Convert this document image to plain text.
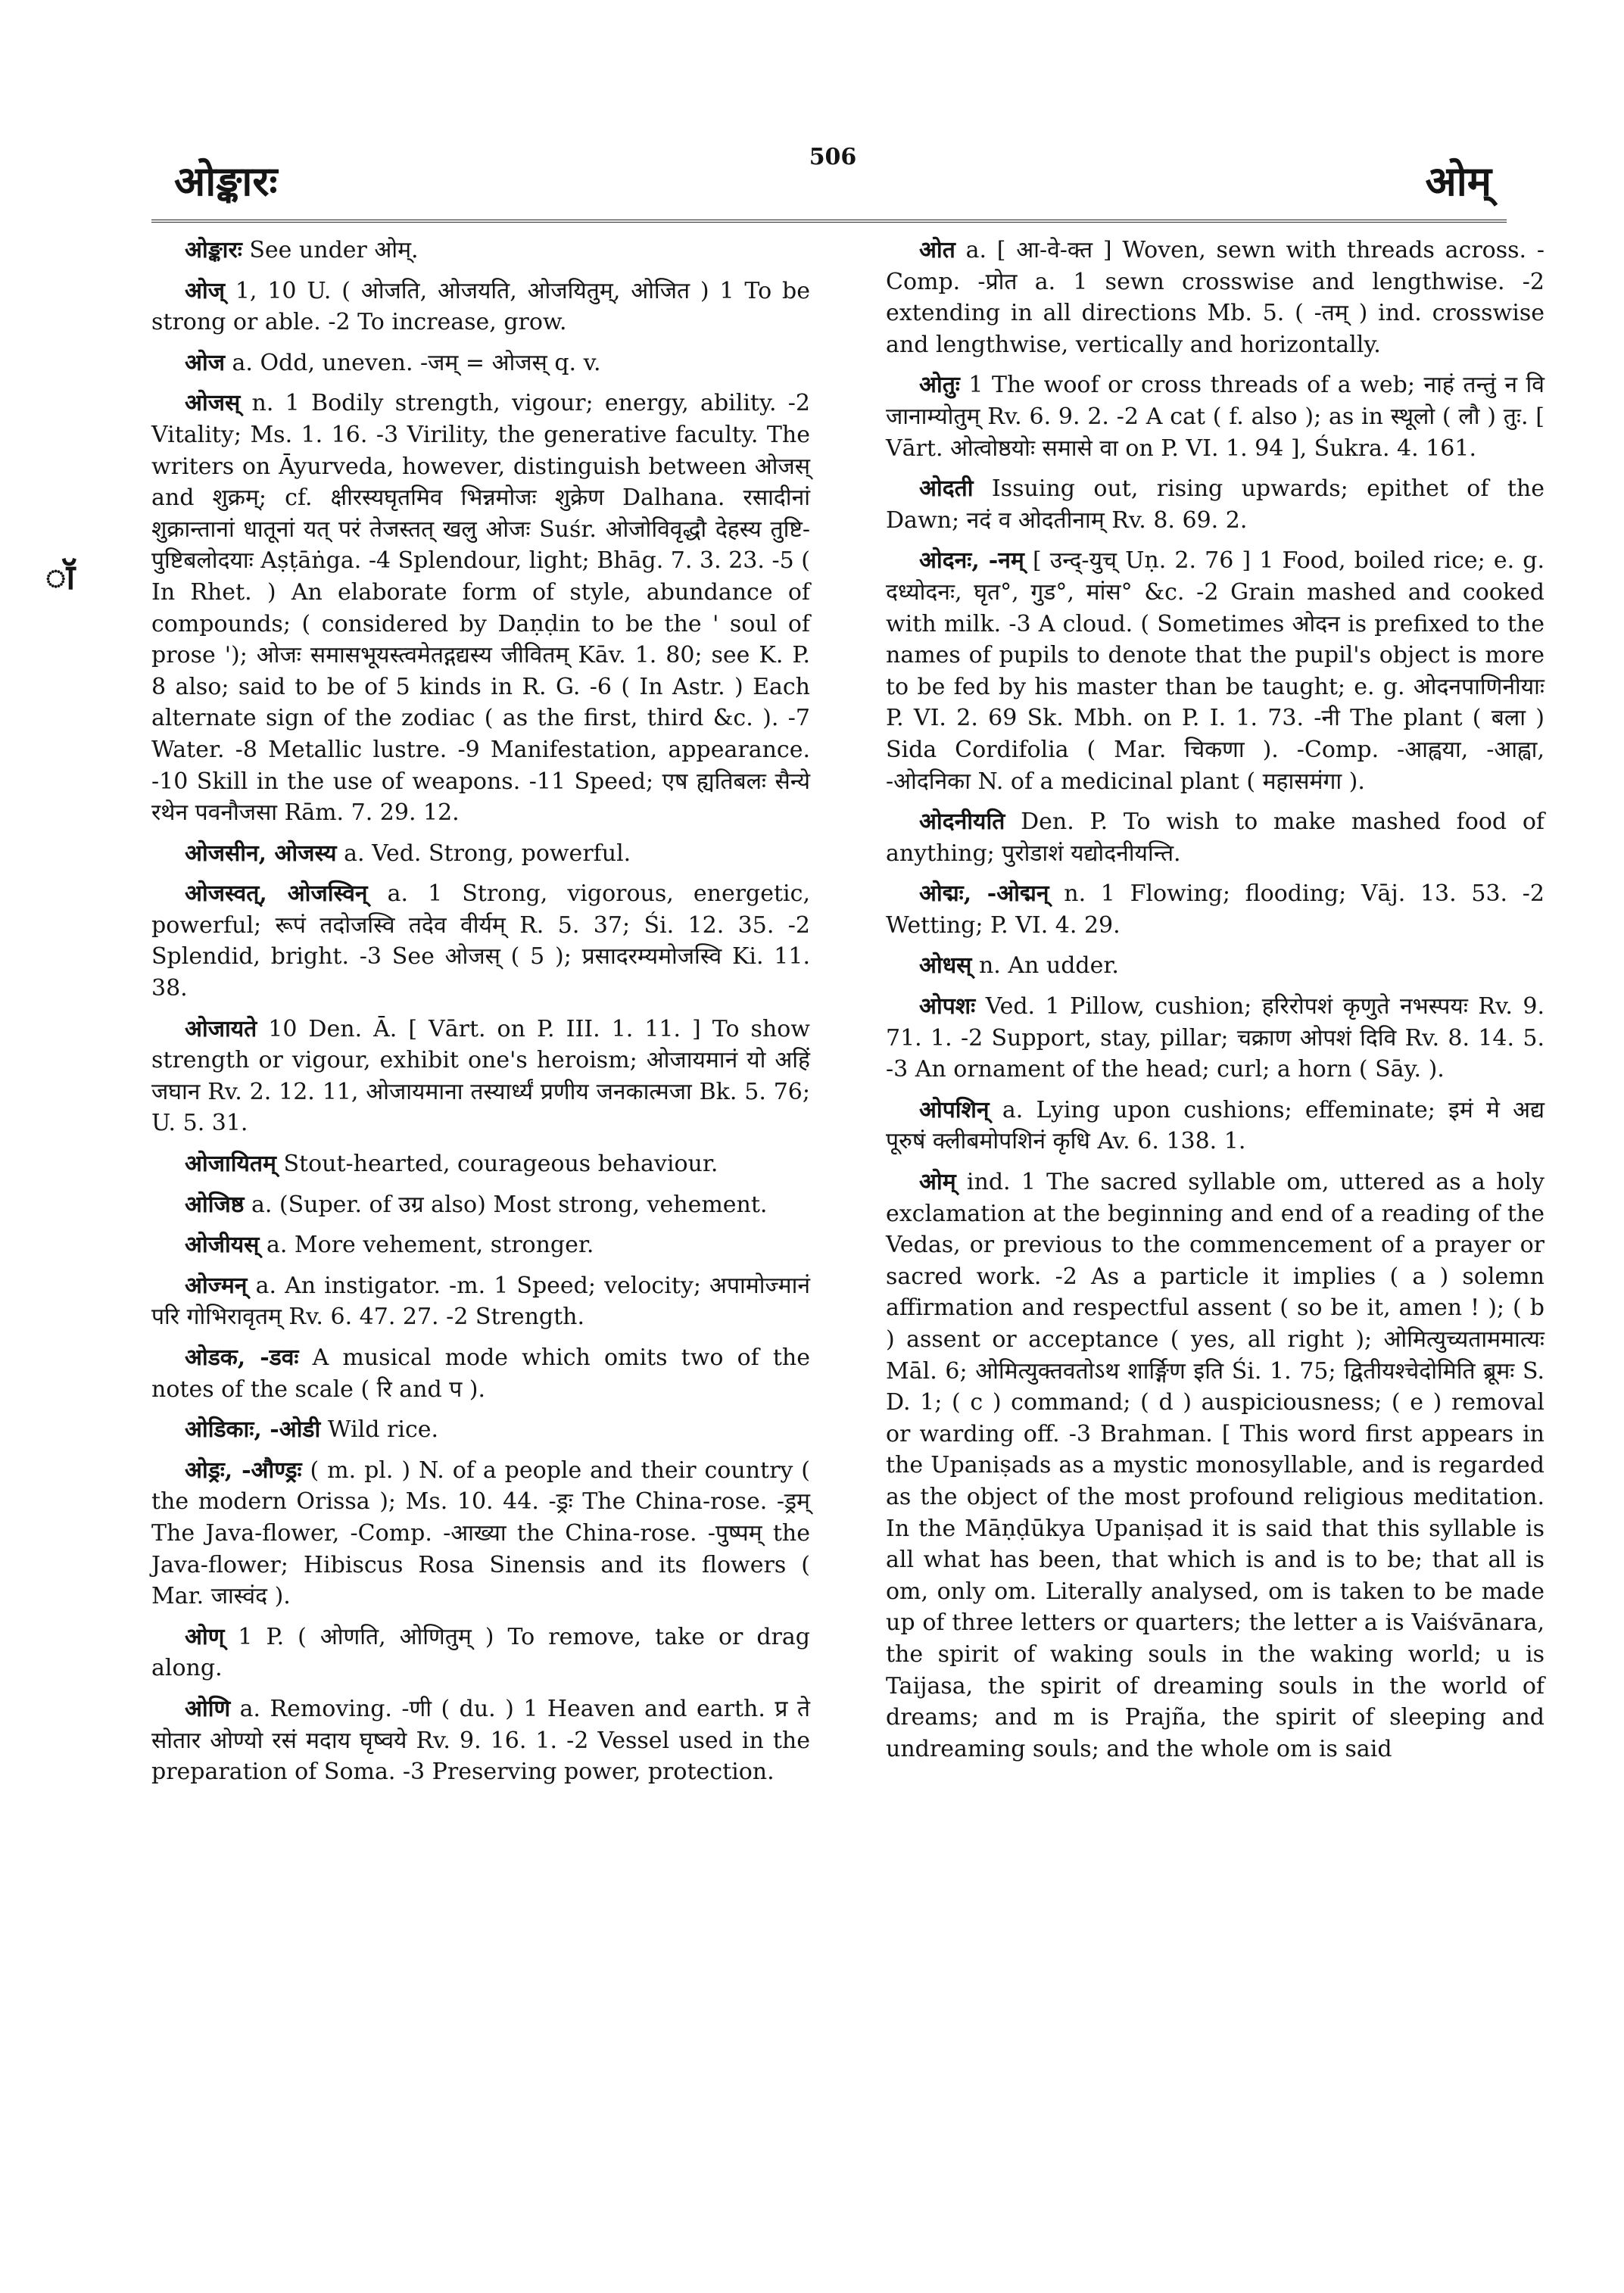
ओङ्कारः	506	ओम्
ॉ

ओङ्कारः See under ओम्.

ओज् 1, 10 U. ( ओजति, ओजयति, ओजयितुम्, ओजित ) 1 To be strong or able. -2 To increase, grow.

ओज a. Odd, uneven. -जम् = ओजस् q. v.

ओजस् n. 1 Bodily strength, vigour; energy, ability. -2 Vitality; Ms. 1. 16. -3 Virility, the generative faculty. The writers on Āyurveda, however, distinguish between ओजस् and शुक्रम्; cf. क्षीरस्यघृतमिव भिन्नमोजः शुक्रेण Dalhana. रसादीनां शुक्रान्तानां धातूनां यत् परं तेजस्तत् खलु ओजः Suśr. ओजोविवृद्धौ देहस्य तुष्टि-पुष्टिबलोदयाः Aṣṭāṅga. -4 Splendour, light; Bhāg. 7. 3. 23. -5 ( In Rhet. ) An elaborate form of style, abundance of compounds; ( considered by Daṇḍin to be the ' soul of prose '); ओजः समासभूयस्त्वमेतद्गद्यस्य जीवितम् Kāv. 1. 80; see K. P. 8 also; said to be of 5 kinds in R. G. -6 ( In Astr. ) Each alternate sign of the zodiac ( as the first, third &c. ). -7 Water. -8 Metallic lustre. -9 Manifestation, appearance. -10 Skill in the use of weapons. -11 Speed; एष ह्यतिबलः सैन्ये रथेन पवनौजसा Rām. 7. 29. 12.

ओजसीन, ओजस्य a. Ved. Strong, powerful.

ओजस्वत्, ओजस्विन् a. 1 Strong, vigorous, energetic, powerful; रूपं तदोजस्वि तदेव वीर्यम् R. 5. 37; Śi. 12. 35. -2 Splendid, bright. -3 See ओजस् ( 5 ); प्रसादरम्यमोजस्वि Ki. 11. 38.

ओजायते 10 Den. Ā. [ Vārt. on P. III. 1. 11. ] To show strength or vigour, exhibit one's heroism; ओजायमानं यो अहिं जघान Rv. 2. 12. 11, ओजायमाना तस्यार्ध्यं प्रणीय जनकात्मजा Bk. 5. 76; U. 5. 31.

ओजायितम् Stout-hearted, courageous behaviour.

ओजिष्ठ a. (Super. of उग्र also) Most strong, vehement.

ओजीयस् a. More vehement, stronger.

ओज्मन् a. An instigator. -m. 1 Speed; velocity; अपामोज्मानं परि गोभिरावृतम् Rv. 6. 47. 27. -2 Strength.

ओडक, -डवः A musical mode which omits two of the notes of the scale ( रि and प ).

ओडिकाः, -ओडी Wild rice.

ओड्रः, -औण्ड्रः ( m. pl. ) N. of a people and their country ( the modern Orissa ); Ms. 10. 44. -ड्रः The China-rose. -ड्रम् The Java-flower, -Comp. -आख्या the China-rose. -पुष्पम् the Java-flower; Hibiscus Rosa Sinensis and its flowers ( Mar. जास्वंद ).

ओण् 1 P. ( ओणति, ओणितुम् ) To remove, take or drag along.

ओणि a. Removing. -णी ( du. ) 1 Heaven and earth. प्र ते सोतार ओण्यो रसं मदाय घृष्वये Rv. 9. 16. 1. -2 Vessel used in the preparation of Soma. -3 Preserving power, protection.

ओत a. [ आ-वे-क्त ] Woven, sewn with threads across. -Comp. -प्रोत a. 1 sewn crosswise and lengthwise. -2 extending in all directions Mb. 5. ( -तम् ) ind. crosswise and lengthwise, vertically and horizontally.

ओतुः 1 The woof or cross threads of a web; नाहं तन्तुं न वि जानाम्योतुम् Rv. 6. 9. 2. -2 A cat ( f. also ); as in स्थूलो ( लौ ) तुः. [ Vārt. ओत्वोष्ठयोः समासे वा on P. VI. 1. 94 ], Śukra. 4. 161.

ओदती Issuing out, rising upwards; epithet of the Dawn; नदं व ओदतीनाम् Rv. 8. 69. 2.

ओदनः, -नम् [ उन्द्-युच् Uṇ. 2. 76 ] 1 Food, boiled rice; e. g. दध्योदनः, घृत°, गुड°, मांस° &c. -2 Grain mashed and cooked with milk. -3 A cloud. ( Sometimes ओदन is prefixed to the names of pupils to denote that the pupil's object is more to be fed by his master than be taught; e. g. ओदनपाणिनीयाः P. VI. 2. 69 Sk. Mbh. on P. I. 1. 73. -नी The plant ( बला ) Sida Cordifolia ( Mar. चिकणा ). -Comp. -आह्वया, -आह्वा, -ओदनिका N. of a medicinal plant ( महासमंगा ).

ओदनीयति Den. P. To wish to make mashed food of anything; पुरोडाशं यद्योदनीयन्ति.

ओद्मः, -ओद्मन् n. 1 Flowing; flooding; Vāj. 13. 53. -2 Wetting; P. VI. 4. 29.

ओधस् n. An udder.

ओपशः Ved. 1 Pillow, cushion; हरिरोपशं कृणुते नभस्पयः Rv. 9. 71. 1. -2 Support, stay, pillar; चक्राण ओपशं दिवि Rv. 8. 14. 5. -3 An ornament of the head; curl; a horn ( Sāy. ).

ओपशिन् a. Lying upon cushions; effeminate; इमं मे अद्य पूरुषं क्लीबमोपशिनं कृधि Av. 6. 138. 1.

ओम् ind. 1 The sacred syllable om, uttered as a holy exclamation at the beginning and end of a reading of the Vedas, or previous to the commencement of a prayer or sacred work. -2 As a particle it implies ( a ) solemn affirmation and respectful assent ( so be it, amen ! ); ( b ) assent or acceptance ( yes, all right ); ओमित्युच्यताममात्यः Māl. 6; ओमित्युक्तवतोऽथ शार्ङ्गिण इति Śi. 1. 75; द्वितीयश्चेदोमिति ब्रूमः S. D. 1; ( c ) command; ( d ) auspiciousness; ( e ) removal or warding off. -3 Brahman. [ This word first appears in the Upaniṣads as a mystic monosyllable, and is regarded as the object of the most profound religious meditation. In the Māṇḍūkya Upaniṣad it is said that this syllable is all what has been, that which is and is to be; that all is om, only om. Literally analysed, om is taken to be made up of three letters or quarters; the letter a is Vaiśvānara, the spirit of waking souls in the waking world; u is Taijasa, the spirit of dreaming souls in the world of dreams; and m is Prajña, the spirit of sleeping and undreaming souls; and the whole om is said
